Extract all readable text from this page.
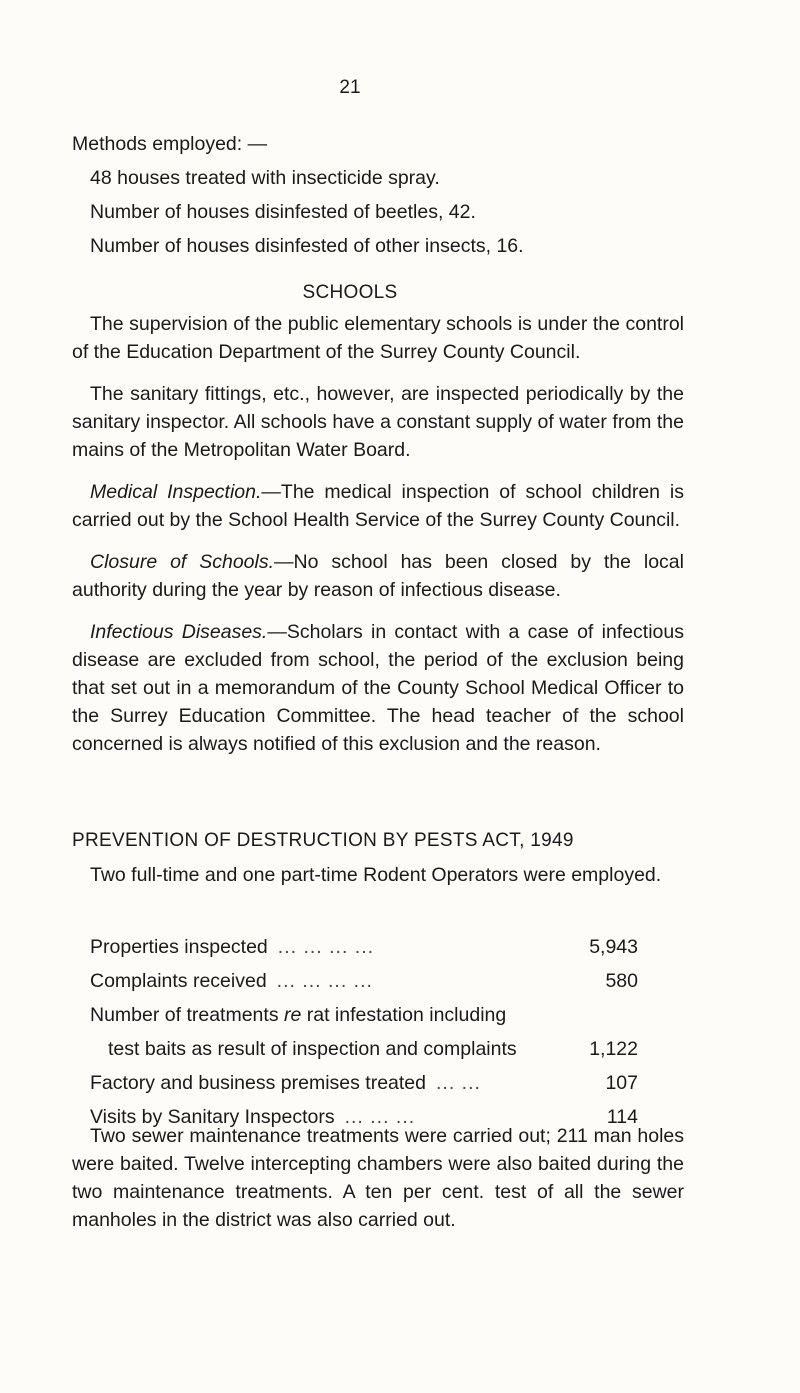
21

Methods employed: —

48 houses treated with insecticide spray.

Number of houses disinfested of beetles, 42.

Number of houses disinfested of other insects, 16.

SCHOOLS

The supervision of the public elementary schools is under the control of the Education Department of the Surrey County Council.

The sanitary fittings, etc., however, are inspected periodically by the sanitary inspector. All schools have a constant supply of water from the mains of the Metropolitan Water Board.

Medical Inspection.—The medical inspection of school children is carried out by the School Health Service of the Surrey County Council.

Closure of Schools.—No school has been closed by the local authority during the year by reason of infectious disease.

Infectious Diseases.—Scholars in contact with a case of infectious disease are excluded from school, the period of the exclusion being that set out in a memorandum of the County School Medical Officer to the Surrey Education Committee. The head teacher of the school concerned is always notified of this exclusion and the reason.

PREVENTION OF DESTRUCTION BY PESTS ACT, 1949

Two full-time and one part-time Rodent Operators were employed.

Properties inspected ... ... ... ...	5,943
Complaints received ... ... ... ...	580
Number of treatments re rat infestation including
test baits as result of inspection and complaints	1,122
Factory and business premises treated ... ...	107
Visits by Sanitary Inspectors ... ... ...	114

Two sewer maintenance treatments were carried out; 211 man holes were baited. Twelve intercepting chambers were also baited during the two maintenance treatments. A ten per cent. test of all the sewer manholes in the district was also carried out.
